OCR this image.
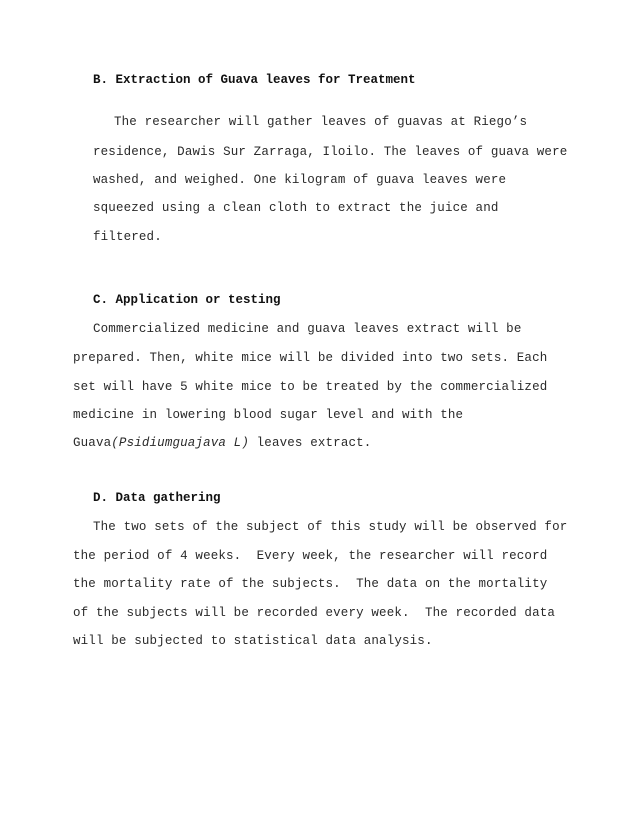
B. Extraction of Guava leaves for Treatment
The researcher will gather leaves of guavas at Riego’s
residence, Dawis Sur Zarraga, Iloilo. The leaves of guava were
washed, and weighed. One kilogram of guava leaves were
squeezed using a clean cloth to extract the juice and
filtered.
C. Application or testing
Commercialized medicine and guava leaves extract will be
prepared. Then, white mice will be divided into two sets. Each
set will have 5 white mice to be treated by the commercialized
medicine in lowering blood sugar level and with the
Guava(Psidiumguajava L) leaves extract.
D. Data gathering
The two sets of the subject of this study will be observed for
the period of 4 weeks.  Every week, the researcher will record
the mortality rate of the subjects.  The data on the mortality
of the subjects will be recorded every week.  The recorded data
will be subjected to statistical data analysis.
